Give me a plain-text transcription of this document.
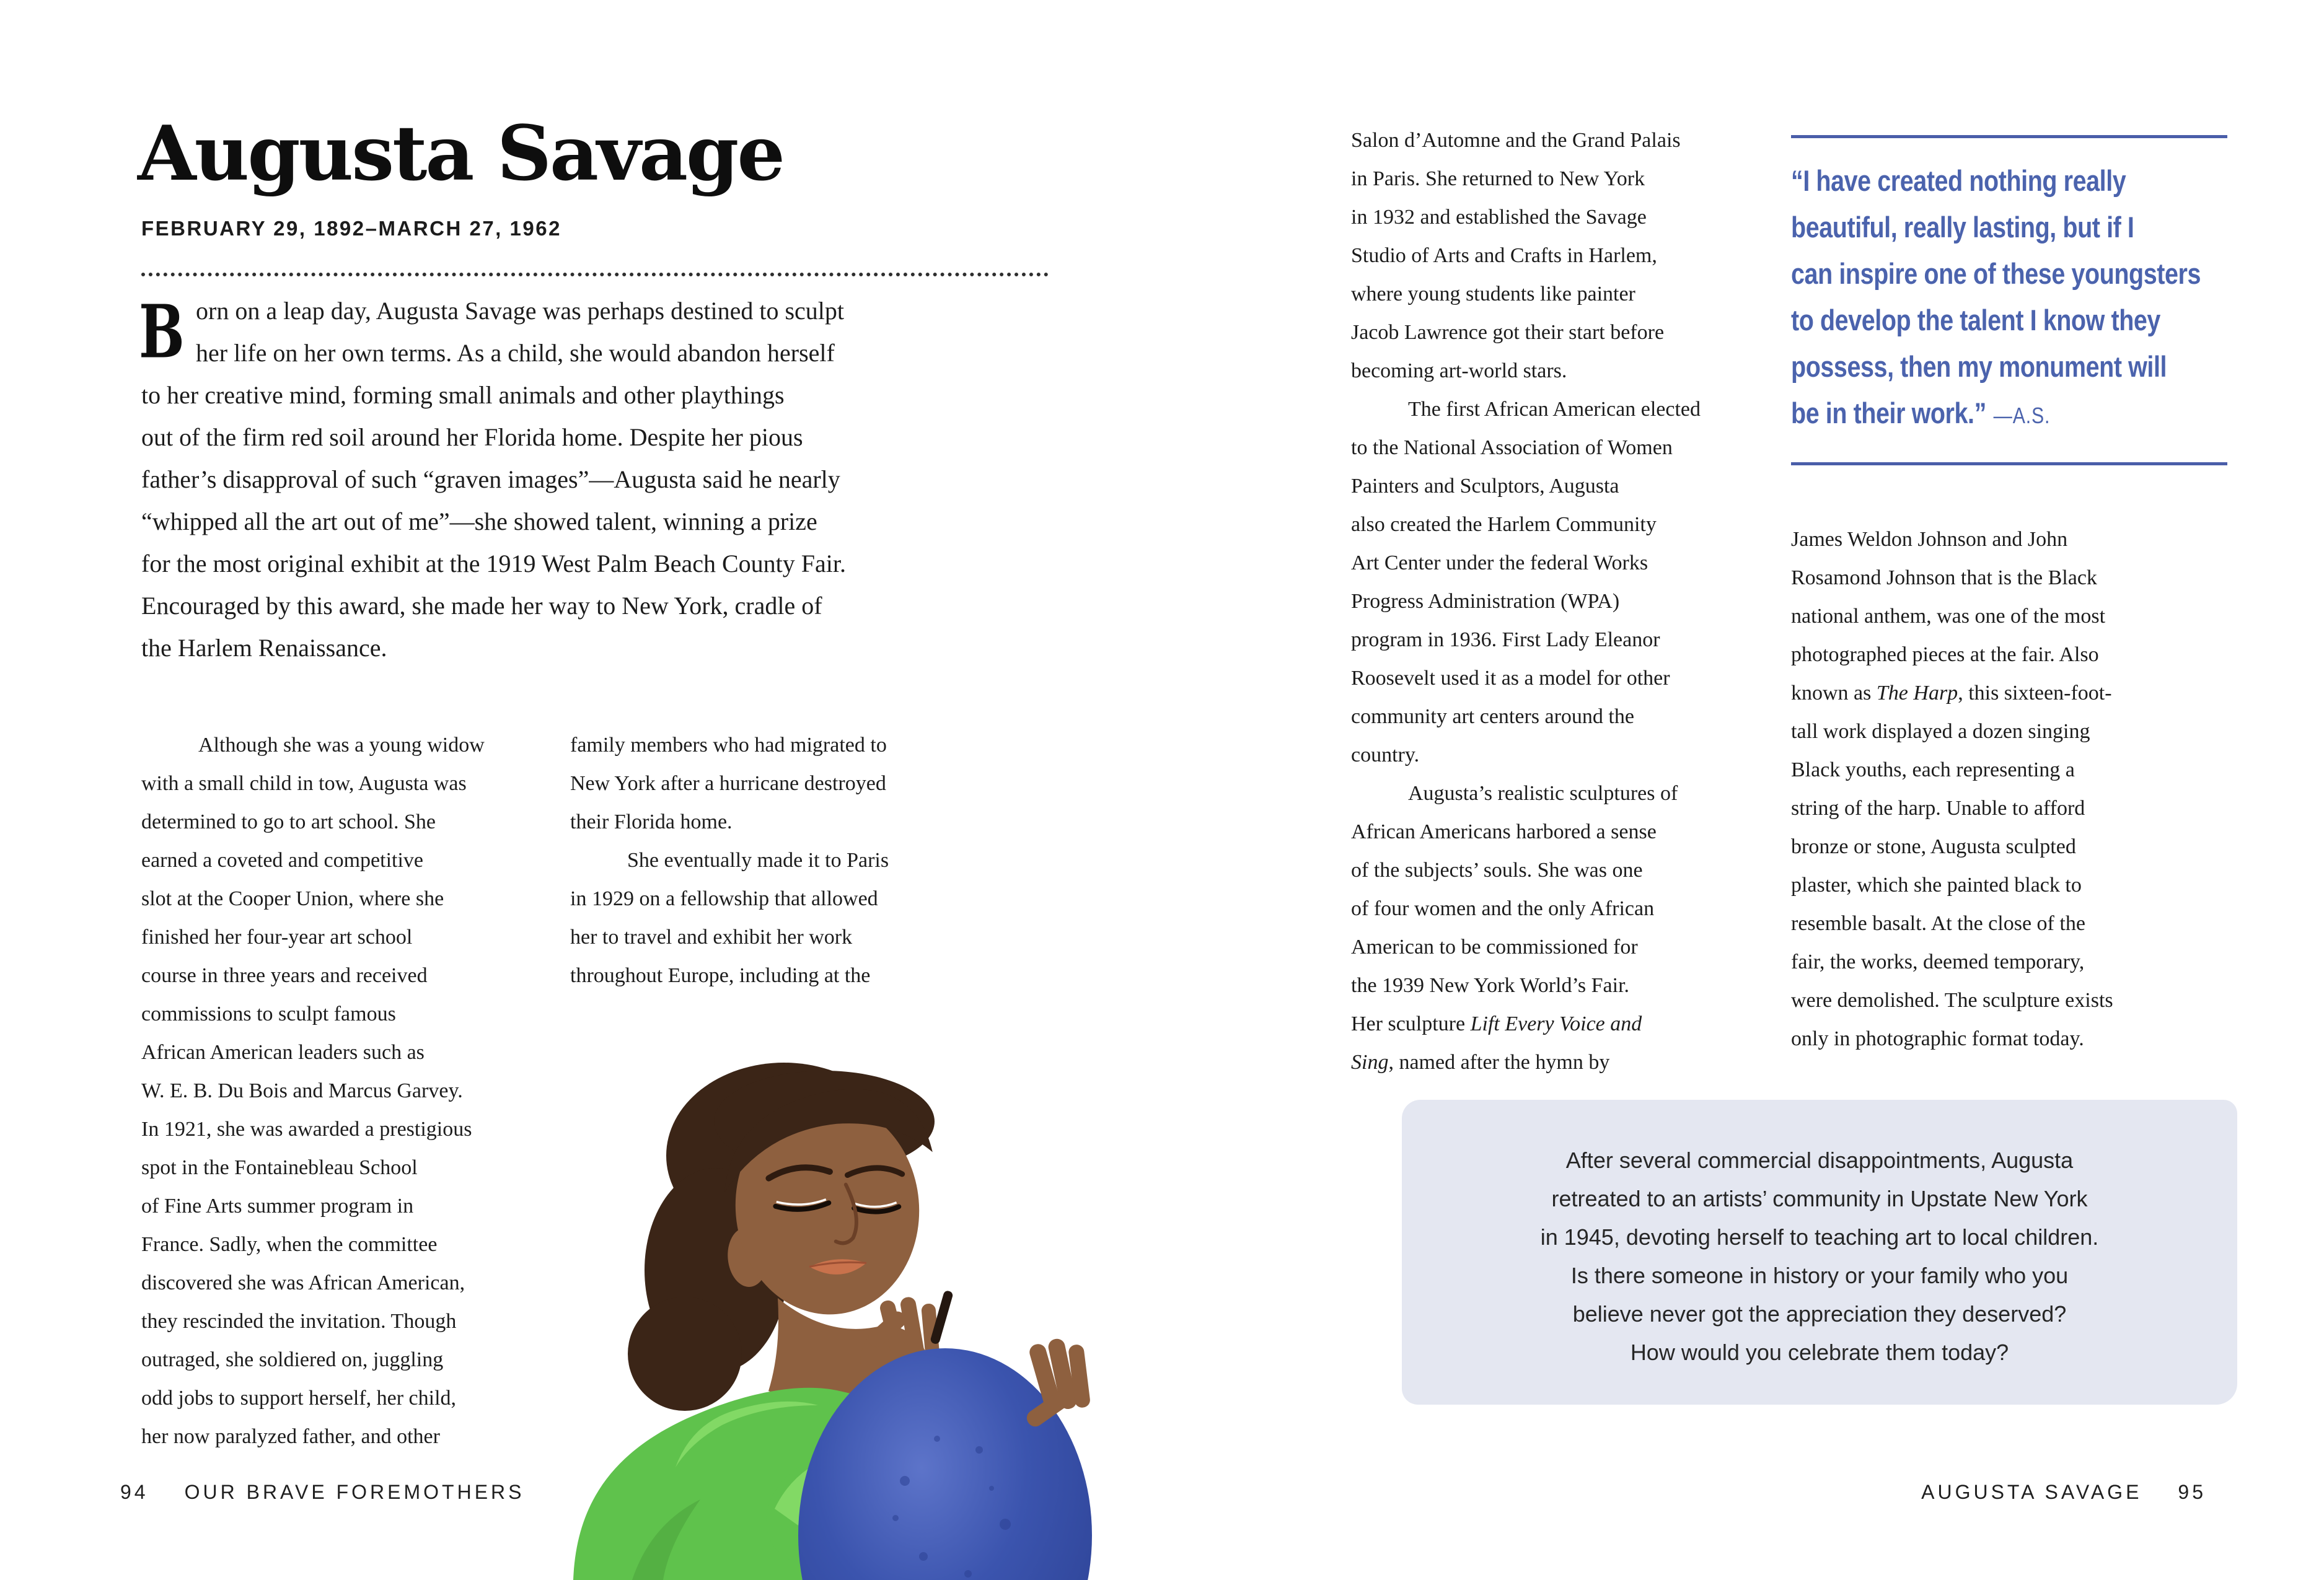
Augusta Savage
FEBRUARY 29, 1892–MARCH 27, 1962
B orn on a leap day, Augusta Savage was perhaps destined to sculpt
her life on her own terms. As a child, she would abandon herself
to her creative mind, forming small animals and other playthings
out of the firm red soil around her Florida home. Despite her pious
father’s disapproval of such “graven images”—Augusta said he nearly
“whipped all the art out of me”—she showed talent, winning a prize
for the most original exhibit at the 1919 West Palm Beach County Fair.
Encouraged by this award, she made her way to New York, cradle of
the Harlem Renaissance.

Although she was a young widow
with a small child in tow, Augusta was
determined to go to art school. She
earned a coveted and competitive
slot at the Cooper Union, where she
finished her four-year art school
course in three years and received
commissions to sculpt famous
African American leaders such as
W. E. B. Du Bois and Marcus Garvey.
In 1921, she was awarded a prestigious
spot in the Fontainebleau School
of Fine Arts summer program in
France. Sadly, when the committee
discovered she was African American,
they rescinded the invitation. Though
outraged, she soldiered on, juggling
odd jobs to support herself, her child,
her now paralyzed father, and other

family members who had migrated to
New York after a hurricane destroyed
their Florida home.

She eventually made it to Paris
in 1929 on a fellowship that allowed
her to travel and exhibit her work
throughout Europe, including at the

Salon d’Automne and the Grand Palais
in Paris. She returned to New York
in 1932 and established the Savage
Studio of Arts and Crafts in Harlem,
where young students like painter
Jacob Lawrence got their start before
becoming art-world stars.

The first African American elected
to the National Association of Women
Painters and Sculptors, Augusta
also created the Harlem Community
Art Center under the federal Works
Progress Administration (WPA)
program in 1936. First Lady Eleanor
Roosevelt used it as a model for other
community art centers around the
country.

Augusta’s realistic sculptures of
African Americans harbored a sense
of the subjects’ souls. She was one
of four women and the only African
American to be commissioned for
the 1939 New York World’s Fair.
Her sculpture Lift Every Voice and
Sing, named after the hymn by

“I have created nothing really
beautiful, really lasting, but if I
can inspire one of these youngsters
to develop the talent I know they
possess, then my monument will
be in their work.” —A.S.

James Weldon Johnson and John
Rosamond Johnson that is the Black
national anthem, was one of the most
photographed pieces at the fair. Also
known as The Harp, this sixteen-foot-
tall work displayed a dozen singing
Black youths, each representing a
string of the harp. Unable to afford
bronze or stone, Augusta sculpted
plaster, which she painted black to
resemble basalt. At the close of the
fair, the works, deemed temporary,
were demolished. The sculpture exists
only in photographic format today.

After several commercial disappointments, Augusta
retreated to an artists’ community in Upstate New York
in 1945, devoting herself to teaching art to local children.
Is there someone in history or your family who you
believe never got the appreciation they deserved?
How would you celebrate them today?
94 OUR BRAVE FOREMOTHERS	AUGUSTA SAVAGE 95
